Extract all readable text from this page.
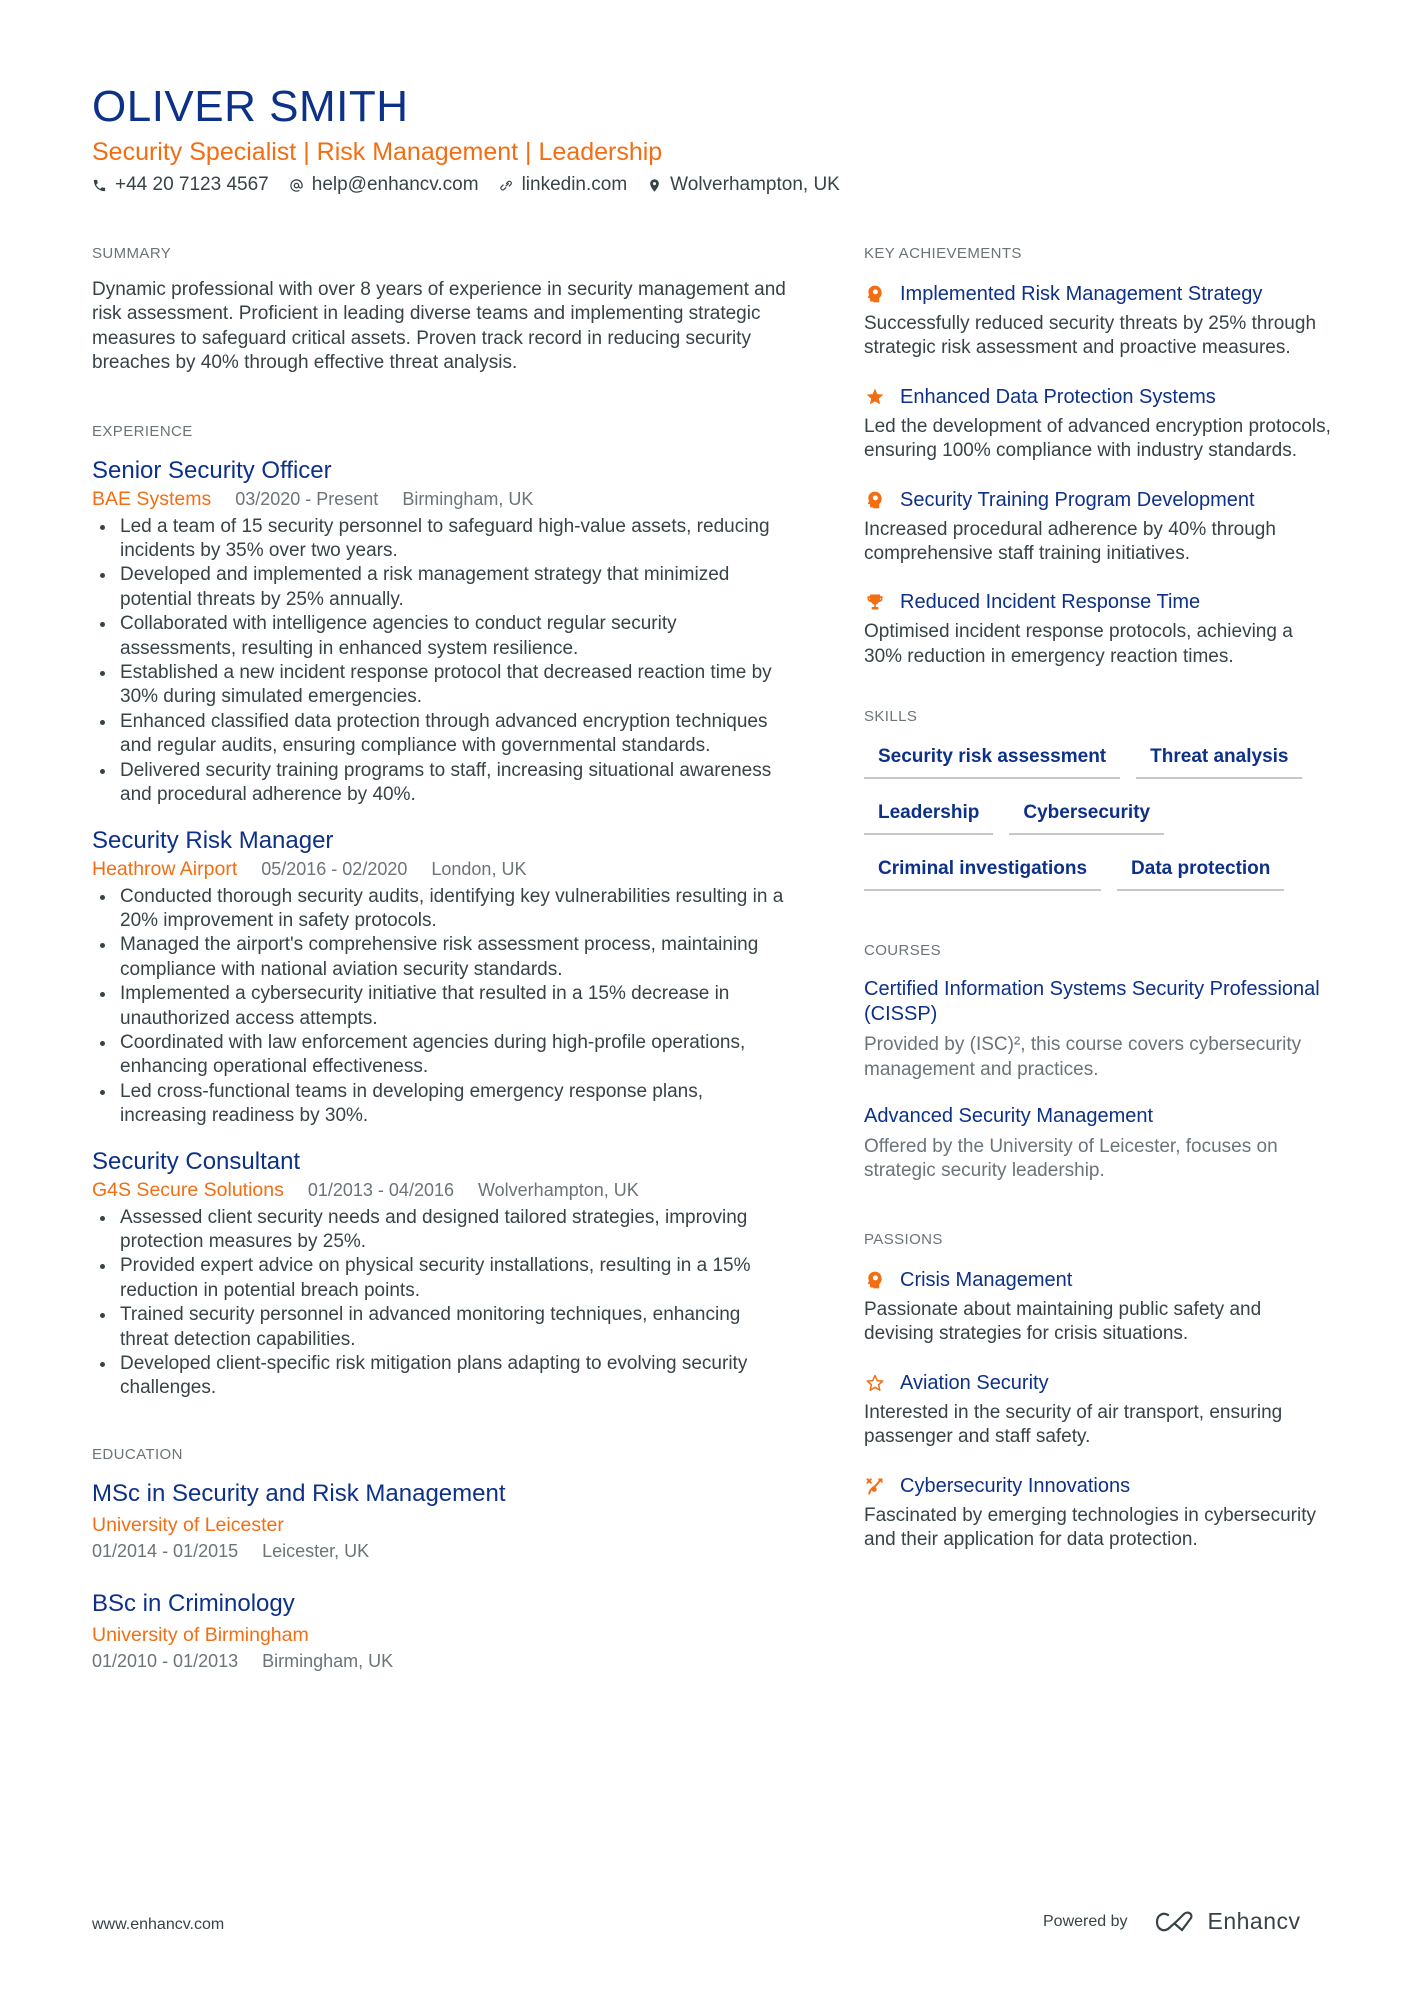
OLIVER SMITH
Security Specialist | Risk Management | Leadership
+44 20 7123 4567 help@enhancv.com linkedin.com Wolverhampton, UK
SUMMARY

Dynamic professional with over 8 years of experience in security management and risk assessment. Proficient in leading diverse teams and implementing strategic measures to safeguard critical assets. Proven track record in reducing security breaches by 40% through effective threat analysis.

EXPERIENCE
Senior Security Officer
BAE Systems 03/2020 - Present Birmingham, UK
Led a team of 15 security personnel to safeguard high-value assets, reducing incidents by 35% over two years.
Developed and implemented a risk management strategy that minimized potential threats by 25% annually.
Collaborated with intelligence agencies to conduct regular security assessments, resulting in enhanced system resilience.
Established a new incident response protocol that decreased reaction time by 30% during simulated emergencies.
Enhanced classified data protection through advanced encryption techniques and regular audits, ensuring compliance with governmental standards.
Delivered security training programs to staff, increasing situational awareness and procedural adherence by 40%.
Security Risk Manager
Heathrow Airport 05/2016 - 02/2020 London, UK
Conducted thorough security audits, identifying key vulnerabilities resulting in a 20% improvement in safety protocols.
Managed the airport's comprehensive risk assessment process, maintaining compliance with national aviation security standards.
Implemented a cybersecurity initiative that resulted in a 15% decrease in unauthorized access attempts.
Coordinated with law enforcement agencies during high-profile operations, enhancing operational effectiveness.
Led cross-functional teams in developing emergency response plans, increasing readiness by 30%.
Security Consultant
G4S Secure Solutions 01/2013 - 04/2016 Wolverhampton, UK
Assessed client security needs and designed tailored strategies, improving protection measures by 25%.
Provided expert advice on physical security installations, resulting in a 15% reduction in potential breach points.
Trained security personnel in advanced monitoring techniques, enhancing threat detection capabilities.
Developed client-specific risk mitigation plans adapting to evolving security challenges.
EDUCATION
MSc in Security and Risk Management
University of Leicester
01/2014 - 01/2015 Leicester, UK
BSc in Criminology
University of Birmingham
01/2010 - 01/2013 Birmingham, UK
KEY ACHIEVEMENTS
Implemented Risk Management Strategy
Successfully reduced security threats by 25% through strategic risk assessment and proactive measures.
Enhanced Data Protection Systems
Led the development of advanced encryption protocols, ensuring 100% compliance with industry standards.
Security Training Program Development
Increased procedural adherence by 40% through comprehensive staff training initiatives.
Reduced Incident Response Time
Optimised incident response protocols, achieving a 30% reduction in emergency reaction times.
SKILLS
Security risk assessment	Threat analysis
Leadership	Cybersecurity
Criminal investigations	Data protection
COURSES
Certified Information Systems Security Professional (CISSP)
Provided by (ISC)², this course covers cybersecurity management and practices.
Advanced Security Management
Offered by the University of Leicester, focuses on strategic security leadership.
PASSIONS
Crisis Management
Passionate about maintaining public safety and devising strategies for crisis situations.
Aviation Security
Interested in the security of air transport, ensuring passenger and staff safety.
Cybersecurity Innovations
Fascinated by emerging technologies in cybersecurity and their application for data protection.
www.enhancv.com	Powered by	Enhancv
